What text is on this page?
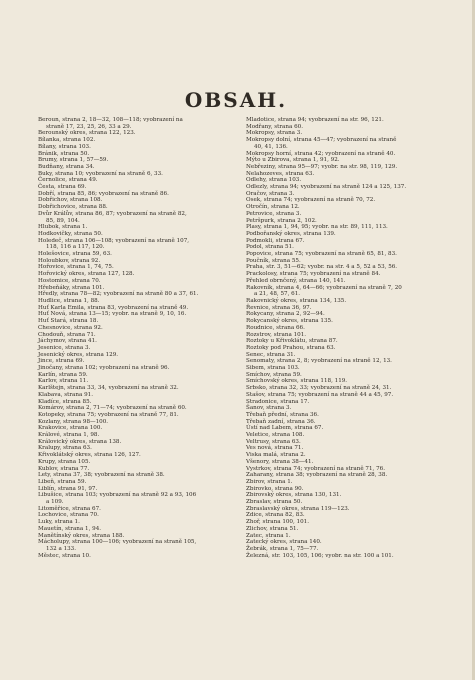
OBSAH.
Beroun, strana 2, 18—32, 108—118; vyobrazení na
straně 17, 23, 25, 26, 33 a 29.
Berounský okres, strana 122, 123.
Bílanka, strana 102.
Bílany, strana 103.
Bránik, strana 50.
Brumy, strana 1, 57—59.
Budňany, strana 34.
Buky, strana 10; vyobrazení na straně 6, 33.
Černolice, strana 49.
Česta, strana 69.
Dobří, strana 85, 86; vyobrazení na straně 86.
Dobřichov, strana 108.
Dobřichovice, strana 88.
Dvůr Králův, strana 86, 87; vyobrazení na straně 82,
85, 89, 104.
Hlubok, strana 1.
Hodkovičky, strana 50.
Holedeč, strana 106—108; vyobrazení na straně 107,
118, 116 a 117, 120.
Holešovice, strana 59, 63.
Holoubkov, strana 92.
Hořovice, strana 1, 74, 75.
Hořovický okres, strana 127, 128.
Hostomice, strana 70.
Hřebeňáky, strana 101.
Hředly, strana 78—82; vyobrazení na straně 80 a 37, 61.
Hudlice, strana 1, 88.
Huť Karla Emila, strana 83, vyobrazení na straně 49.
Huť Nová, strana 13—15; vyobr. na straně 9, 10, 16.
Huť Stará, strana 18.
Chesnovice, strana 92.
Chodouň, strana 71.
Jáchymov, strana 41.
Jesenice, strana 3.
Jesenický okres, strana 129.
Jince, strana 69.
Jinočany, strana 102; vyobrazení na straně 96.
Karlín, strana 59.
Karlov, strana 11.
Karlštejn, strana 33, 34, vyobrazení na straně 32.
Klabava, strana 91.
Kladíce, strana 85.
Komárov, strana 2, 71—74; vyobrazení na straně 60.
Kotopeky, strana 75; vyobrazení na straně 77, 81.
Kozlany, strana 98—100.
Krakovice, strana 100.
Králové, strana 1, 98.
Královický okres, strana 138.
Kralupy, strana 63.
Křivoklátský okres, strana 126, 127.
Krupy, strana 105.
Kublov, strana 77.
Lety, strana 37, 38; vyobrazení na straně 38.
Libeň, strana 59.
Liblín, strana 91, 97.
Libušice, strana 103; vyobrazení na straně 92 a 93, 106
a 109.
Litoměřice, strana 67.
Lochovice, strana 70.
Luky, strana 1.
Mauetín, strana 1, 94.
Manětínský okres, strana 188.
Mácholupy, strana 100—106; vyobrazení na straně 105,
132 a 133.
Městec, strana 10.
Mladotice, strana 94; vyobrazení na str. 96, 121.
Modřany, strana 60.
Mokropsy, strana 3.
Mokropsy dolní, strana 45—47; vyobrazení na straně
40, 41, 136.
Mokropsy horní, strana 42; vyobrazení na straně 40.
Mýto u Zbirova, strana 1, 91, 92.
Nebřeziny, strana 95—97; vyobr. na str. 98, 119, 129.
Nelahozeves, strana 63.
Odlehy, strana 103.
Odlezly, strana 94; vyobrazení na straně 124 a 125, 137.
Oračov, strana 3.
Osek, strana 74; vyobrazení na straně 70, 72.
Otročín, strana 12.
Petrovice, strana 3.
Petršpurk, strana 2, 102.
Plasy, strana 1, 94, 95; vyobr. na str. 89, 111, 113.
Podbořanský okres, strana 139.
Podmokli, strana 67.
Podol, strana 51.
Popovice, strana 75; vyobrazení na straně 65, 81, 83.
Poučník, strana 55.
Praha, str. 3, 51—62; vyobr. na str. 4 a 5, 52 a 53, 56.
Prackolosy, strana 75; vyobrazení na straně 84.
Přehled obrnčený, strana 140, 141.
Rakovník, strana 4, 64—66; vyobrazení na straně 7, 20
a 21, 48, 57, 61.
Rakovnický okres, strana 134, 135.
Řevnice, strana 36, 97.
Rokycany, strana 2, 92—94.
Rokycanský okres, strana 135.
Roudnice, strana 66.
Rozstrov, strana 101.
Roztoky u Křivoklátu, strana 87.
Roztoky pod Prahou, strana 63.
Senec, strana 31.
Senomaty, strana 2, 8; vyobrazení na straně 12, 13.
Sibem, strana 103.
Smíchov, strana 59.
Smíchovský okres, strana 118, 119.
Srbsko, strana 32, 33; vyobrazení na straně 24, 31.
Stašov, strana 75; vyobrazení na straně 44 a 45, 97.
Stradonice, strana 17.
Šanov, strana 3.
Třebaň přední, strana 36.
Třebaň zadní, strana 36.
Ústí nad Labem, strana 67.
Veletice, strana 108.
Veltrusy, strana 63.
Ves nová, strana 71.
Viska malá, strana 2.
Všenory, strana 38—41.
Vystrkov, strana 74; vyobrazení na straně 71, 76.
Zaharany, strana 38; vyobrazení na straně 28, 38.
Zbirov, strana 1.
Zbirovko, strana 90.
Zbirovský okres, strana 130, 131.
Zbraslav, strana 50.
Zbraslavský okres, strana 119—123.
Zdice, strana 82, 83.
Zhoř, strana 100, 101.
Zlichov, strana 51.
Zatec, strana 1.
Zatecký okres, strana 140.
Žebrák, strana 1, 75—77.
Železná, str. 103, 105, 106; vyobr. na str. 100 a 101.
